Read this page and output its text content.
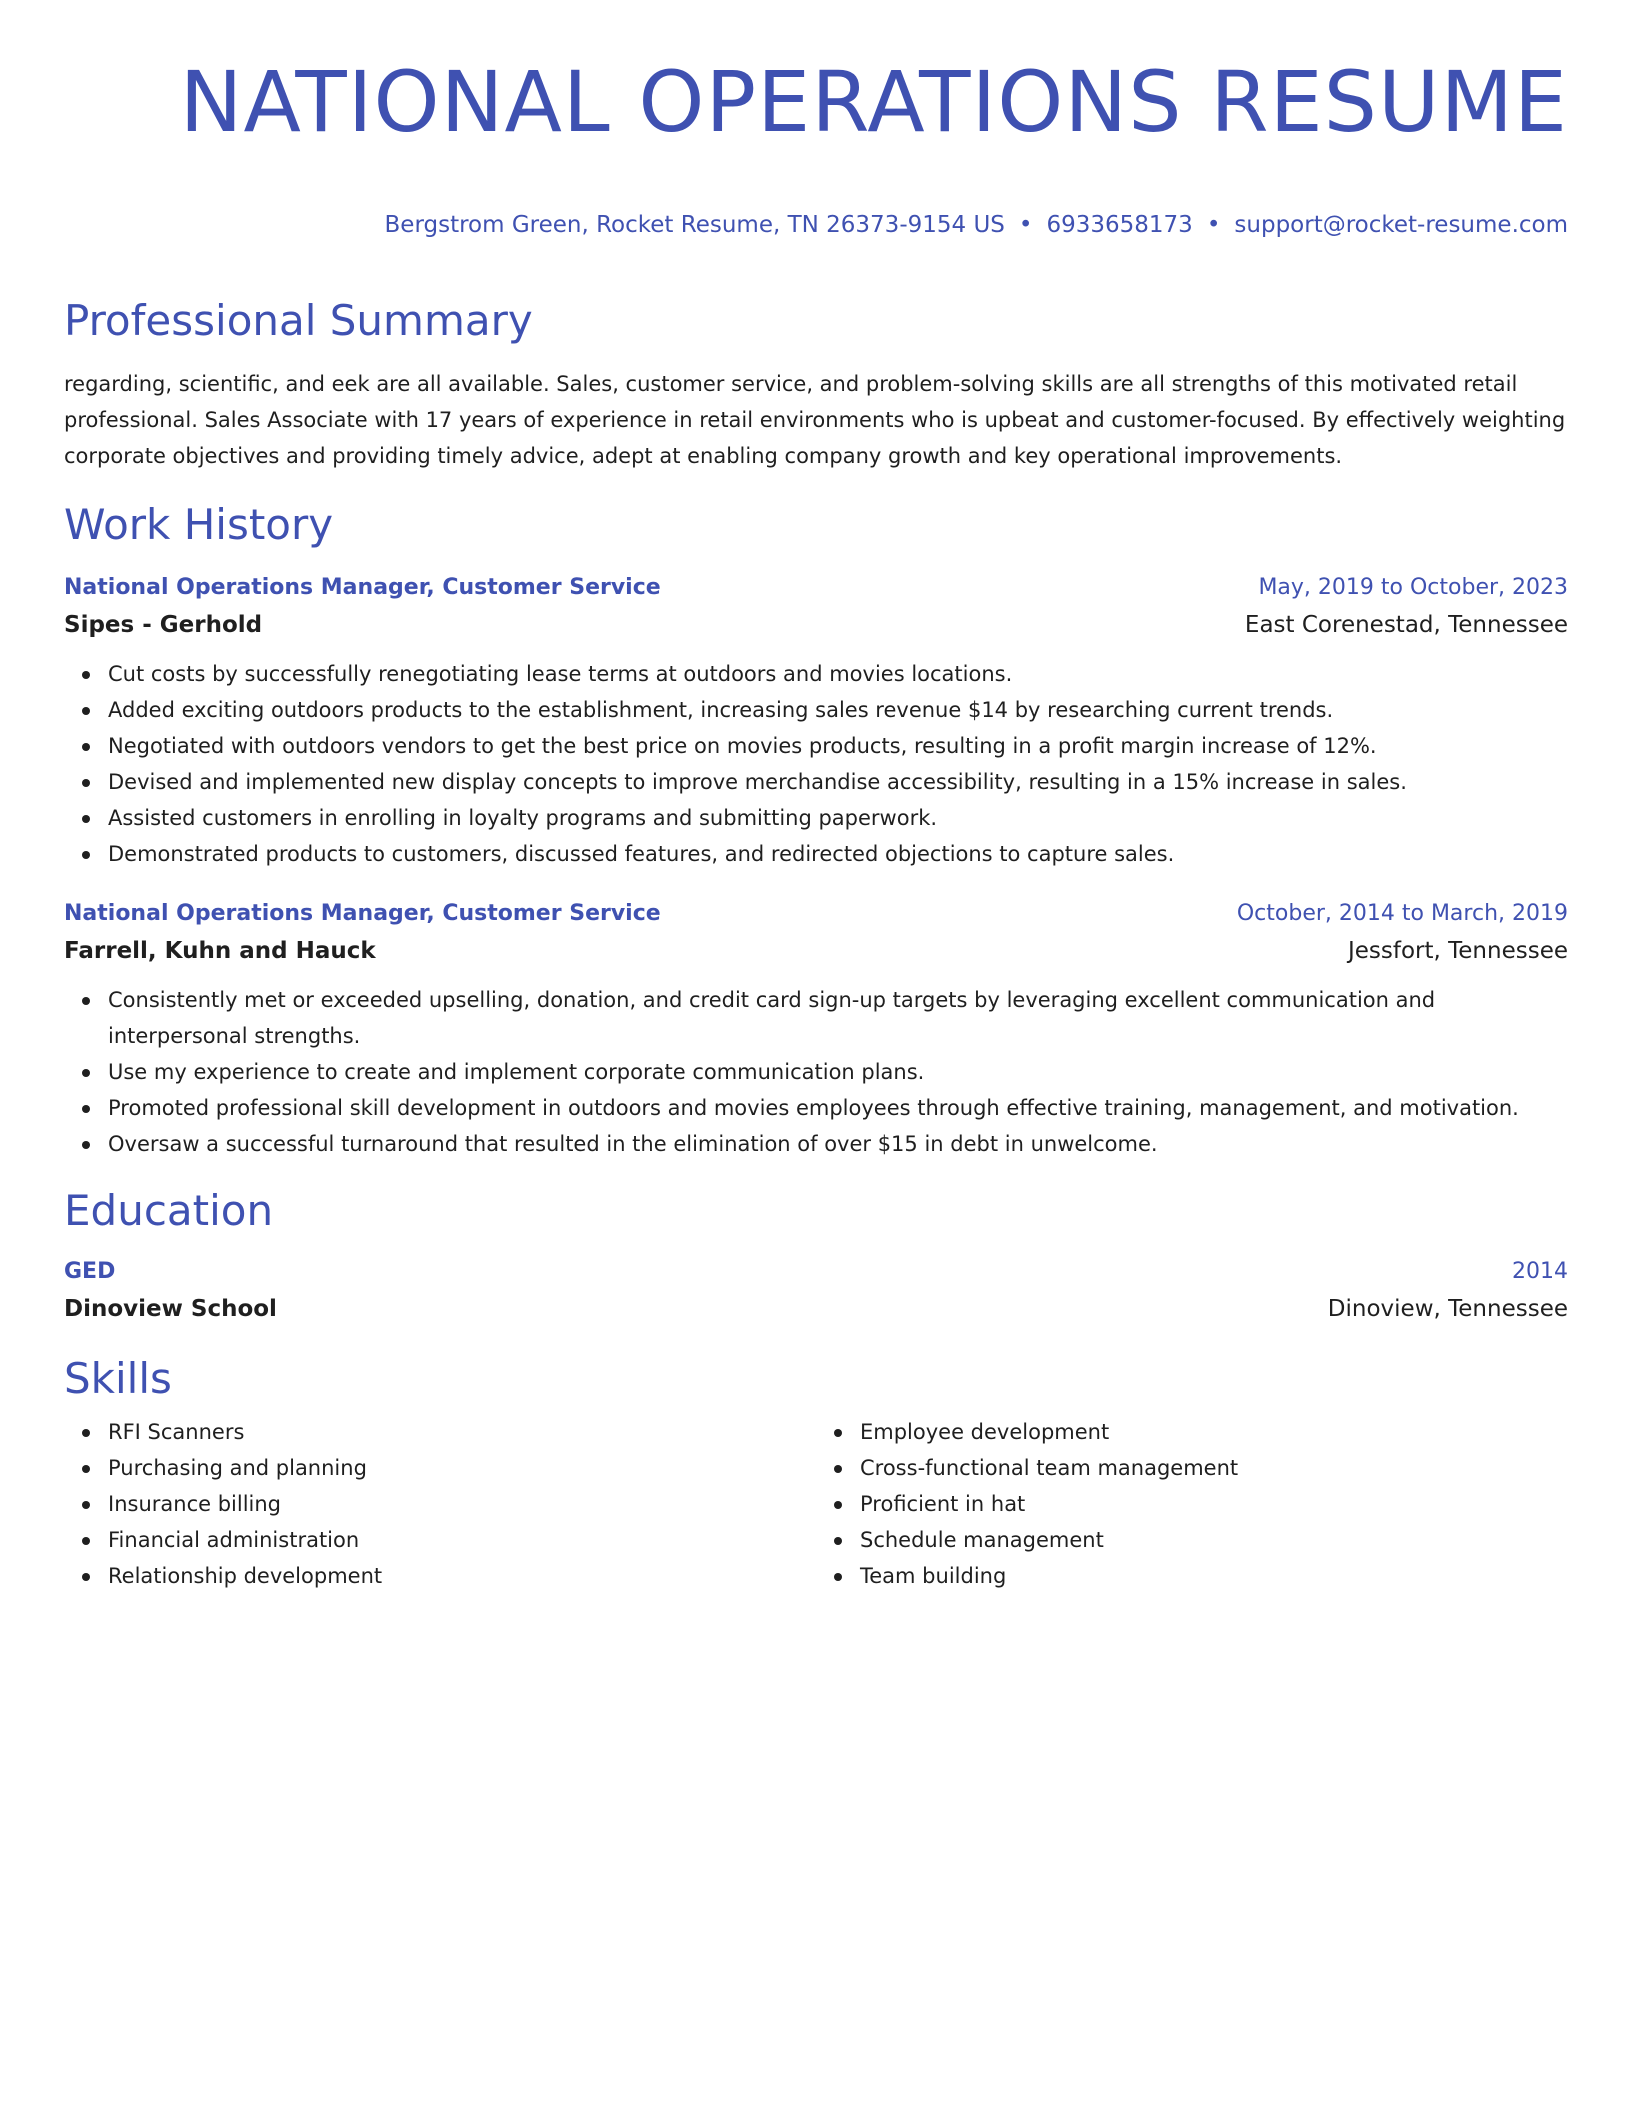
NATIONAL OPERATIONS RESUME
Bergstrom Green, Rocket Resume, TN 26373-9154 US • 6933658173 • support@rocket-resume.com
Professional Summary
regarding, scientific, and eek are all available. Sales, customer service, and problem-solving skills are all strengths of this motivated retail professional. Sales Associate with 17 years of experience in retail environments who is upbeat and customer-focused. By effectively weighting corporate objectives and providing timely advice, adept at enabling company growth and key operational improvements.
Work History
National Operations Manager, Customer Service	May, 2019 to October, 2023
Sipes - Gerhold	East Corenestad, Tennessee
Cut costs by successfully renegotiating lease terms at outdoors and movies locations.
Added exciting outdoors products to the establishment, increasing sales revenue $14 by researching current trends.
Negotiated with outdoors vendors to get the best price on movies products, resulting in a profit margin increase of 12%.
Devised and implemented new display concepts to improve merchandise accessibility, resulting in a 15% increase in sales.
Assisted customers in enrolling in loyalty programs and submitting paperwork.
Demonstrated products to customers, discussed features, and redirected objections to capture sales.
National Operations Manager, Customer Service	October, 2014 to March, 2019
Farrell, Kuhn and Hauck	Jessfort, Tennessee
Consistently met or exceeded upselling, donation, and credit card sign-up targets by leveraging excellent communication and interpersonal strengths.
Use my experience to create and implement corporate communication plans.
Promoted professional skill development in outdoors and movies employees through effective training, management, and motivation.
Oversaw a successful turnaround that resulted in the elimination of over $15 in debt in unwelcome.
Education
GED	2014
Dinoview School	Dinoview, Tennessee
Skills
RFI Scanners
Purchasing and planning
Insurance billing
Financial administration
Relationship development
Employee development
Cross-functional team management
Proficient in hat
Schedule management
Team building
